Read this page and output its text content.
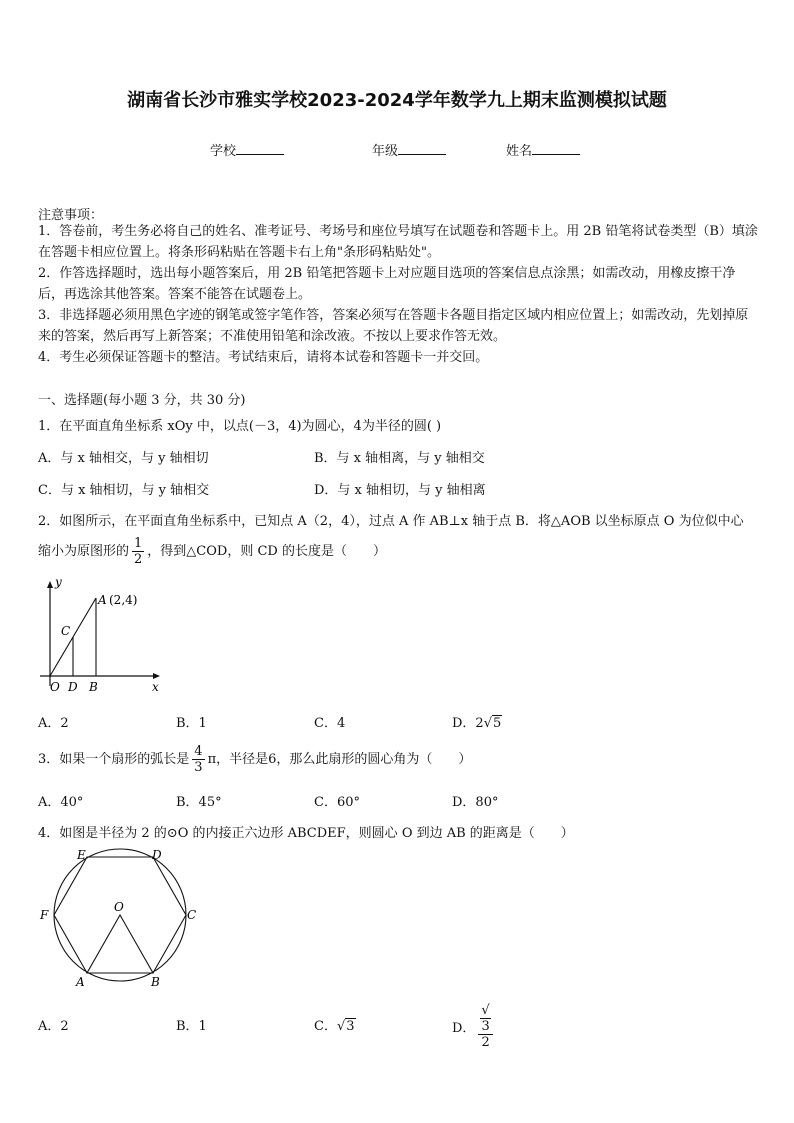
湖南省长沙市雅实学校2023-2024学年数学九上期末监测模拟试题
学校	年级	姓名
注意事项：
1．答卷前，考生务必将自己的姓名、准考证号、考场号和座位号填写在试题卷和答题卡上。用 2B 铅笔将试卷类型（B）填涂在答题卡相应位置上。将条形码粘贴在答题卡右上角"条形码粘贴处"。
2．作答选择题时，选出每小题答案后，用 2B 铅笔把答题卡上对应题目选项的答案信息点涂黑；如需改动，用橡皮擦干净后，再选涂其他答案。答案不能答在试题卷上。
3．非选择题必须用黑色字迹的钢笔或签字笔作答，答案必须写在答题卡各题目指定区域内相应位置上；如需改动，先划掉原来的答案，然后再写上新答案；不准使用铅笔和涂改液。不按以上要求作答无效。
4．考生必须保证答题卡的整洁。考试结束后，请将本试卷和答题卡一并交回。
一、选择题(每小题 3 分，共 30 分)
1．在平面直角坐标系 xOy 中，以点(－3，4)为圆心，4为半径的圆( )
A．与 x 轴相交，与 y 轴相切	B．与 x 轴相离，与 y 轴相交
C．与 x 轴相切，与 y 轴相交	D．与 x 轴相切，与 y 轴相离
2．如图所示，在平面直角坐标系中，已知点 A（2，4），过点 A 作 AB⊥x 轴于点 B．将△AOB 以坐标原点 O 为位似中心
缩小为原图形的 $\frac{1}{2}$ ，得到△COD，则 CD 的长度是（　　）
y
x
A (2,4)
C
O D B
A．2	B．1	C．4	D．2√5
3．如果一个扇形的弧长是 $\frac{4}{3}$ π，半径是6，那么此扇形的圆心角为（　　）
A．40°	B．45°	C．60°	D．80°
4．如图是半径为 2 的⊙O 的内接正六边形 ABCDEF，则圆心 O 到边 AB 的距离是（　　）
E	D
F	C
O
A	B
A．2	B．1	C．√3	D． √
3
2
